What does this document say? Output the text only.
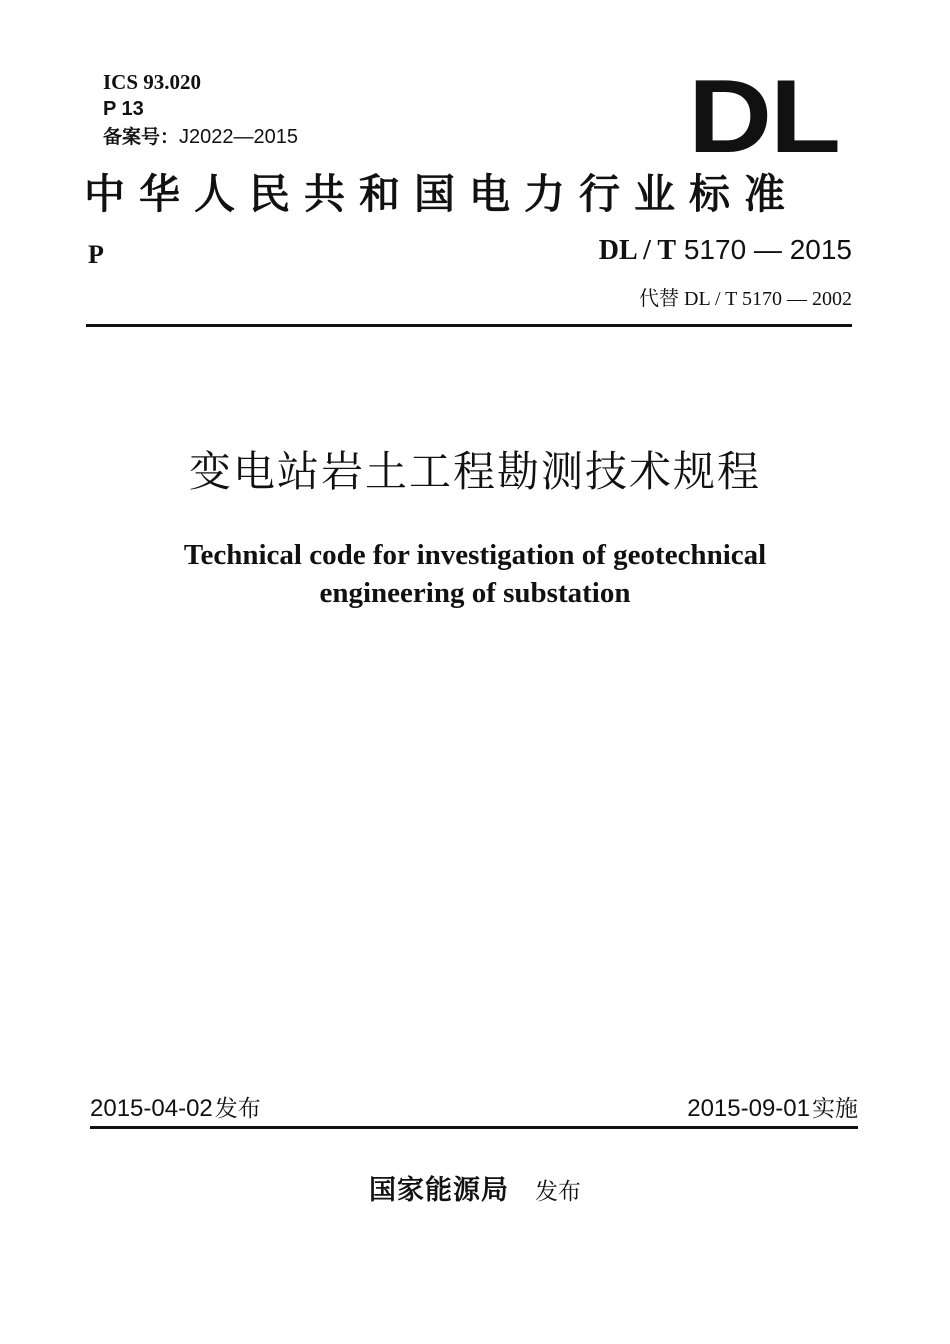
ICS 93.020
P 13
备案号：J2022—2015	DL
中华人民共和国电力行业标准
P	DL / T 5170 — 2015
代替 DL / T 5170 — 2002
变电站岩土工程勘测技术规程
Technical code for investigation of geotechnical
engineering of substation
2015-04-02 发布	2015-09-01 实施
国家能源局 发布
